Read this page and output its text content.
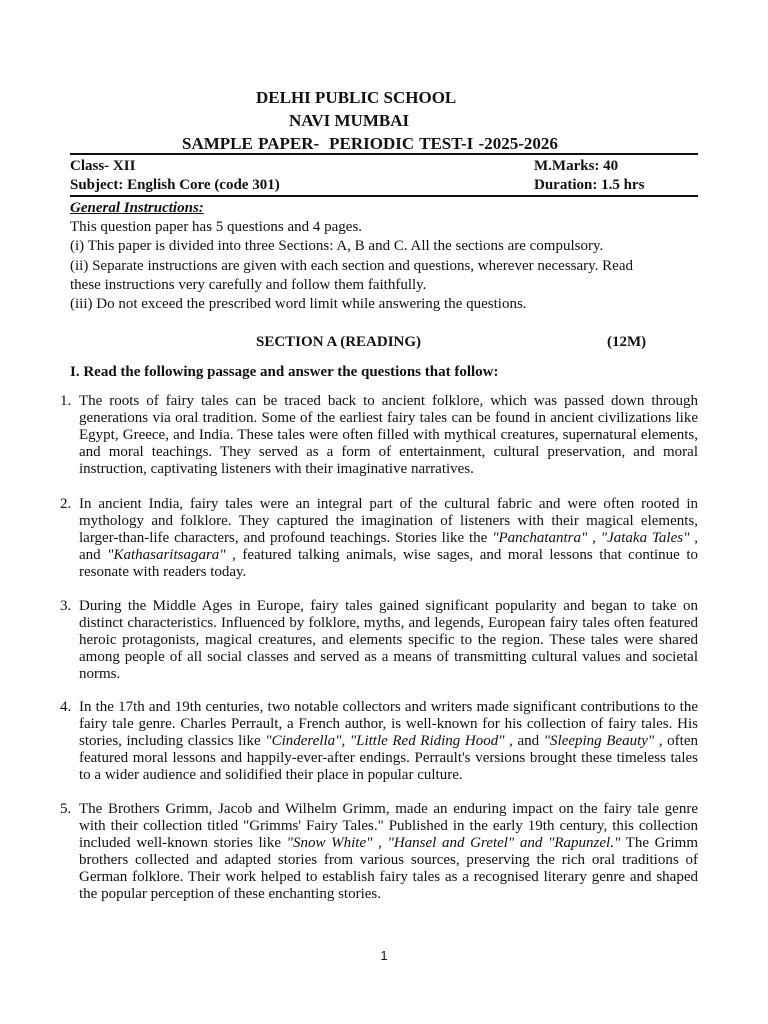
DELHI PUBLIC SCHOOL
NAVI MUMBAI
SAMPLE PAPER- PERIODIC TEST-I -2025-2026
Class- XII
Subject: English Core (code 301)
M.Marks: 40
Duration: 1.5 hrs
General Instructions:
This question paper has 5 questions and 4 pages.
(i) This paper is divided into three Sections: A, B and C. All the sections are compulsory.
(ii) Separate instructions are given with each section and questions, wherever necessary. Read
these instructions very carefully and follow them faithfully.
(iii) Do not exceed the prescribed word limit while answering the questions.
SECTION A (READING)	(12M)
I. Read the following passage and answer the questions that follow:
1. The roots of fairy tales can be traced back to ancient folklore, which was passed down through generations via oral tradition. Some of the earliest fairy tales can be found in ancient civilizations like Egypt, Greece, and India. These tales were often filled with mythical creatures, supernatural elements, and moral teachings. They served as a form of entertainment, cultural preservation, and moral instruction, captivating listeners with their imaginative narratives.
2. In ancient India, fairy tales were an integral part of the cultural fabric and were often rooted in mythology and folklore. They captured the imagination of listeners with their magical elements, larger-than-life characters, and profound teachings. Stories like the "Panchatantra" , "Jataka Tales" , and "Kathasaritsagara" , featured talking animals, wise sages, and moral lessons that continue to resonate with readers today.
3. During the Middle Ages in Europe, fairy tales gained significant popularity and began to take on distinct characteristics. Influenced by folklore, myths, and legends, European fairy tales often featured heroic protagonists, magical creatures, and elements specific to the region. These tales were shared among people of all social classes and served as a means of transmitting cultural values and societal norms.
4. In the 17th and 19th centuries, two notable collectors and writers made significant contributions to the fairy tale genre. Charles Perrault, a French author, is well-known for his collection of fairy tales. His stories, including classics like "Cinderella", "Little Red Riding Hood" , and "Sleeping Beauty" , often featured moral lessons and happily-ever-after endings. Perrault's versions brought these timeless tales to a wider audience and solidified their place in popular culture.
5. The Brothers Grimm, Jacob and Wilhelm Grimm, made an enduring impact on the fairy tale genre with their collection titled "Grimms' Fairy Tales." Published in the early 19th century, this collection included well-known stories like "Snow White" , "Hansel and Gretel" and "Rapunzel." The Grimm brothers collected and adapted stories from various sources, preserving the rich oral traditions of German folklore. Their work helped to establish fairy tales as a recognised literary genre and shaped the popular perception of these enchanting stories.
1
